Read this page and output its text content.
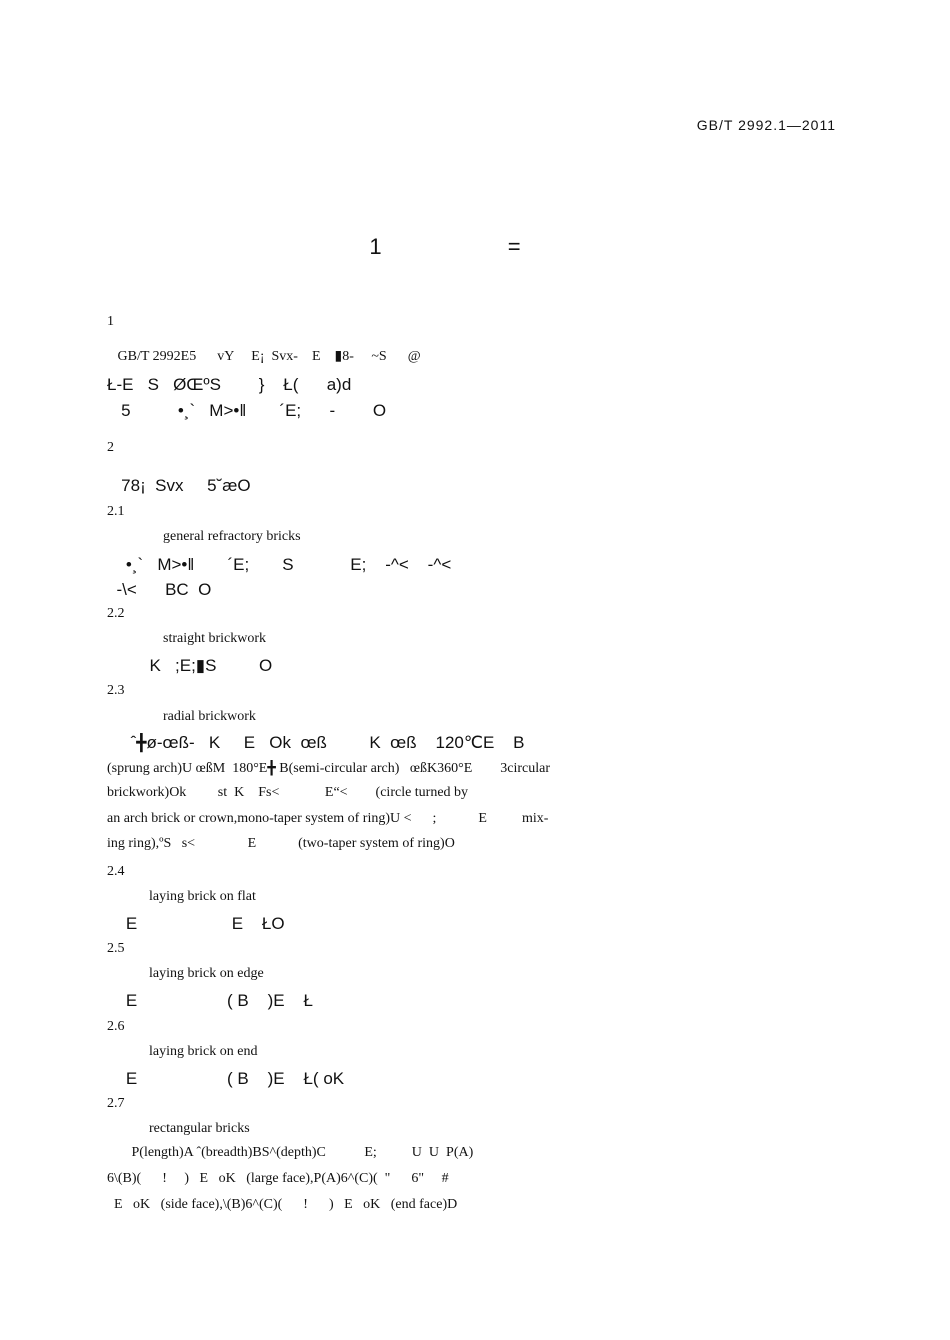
GB/T 2992.1—2011
1 =
1
GB/T 2992E5      vY     E¡  Svx-    E    ▮8-     ~S      @
Ł-E   S   ØŒºS        }    Ł(      a)d
5          •¸`   M>•‖       ´E;      -        O
2
78¡  Svx     5˘æO
2.1
general refractory bricks
•¸`   M>•‖       ´E;       S            E;    -^<    -^<
-\<      BC  O
2.2
straight brickwork
K   ;E;▮S         O
2.3
radial brickwork
ˆ╋ø-œß-   K     E   Ok  œß         K  œß    120℃E    B
(sprung arch)U œßM  180°E╋ B(semi-circular arch)   œßK360°E        3circular
brickwork)Ok         st  K    Fs<             E“<        (circle turned by
an arch brick or crown,mono-taper system of ring)U <      ;            E          mix-
ing ring),ºS   s<               E            (two-taper system of ring)O
2.4
laying brick on flat
E                    E    ŁO
2.5
laying brick on edge
E                   ( B    )E    Ł
2.6
laying brick on end
E                   ( B    )E    Ł( oK
2.7
rectangular bricks
P(length)A ˆ(breadth)BS^(depth)C           E;          U  U  P(A)
6\(B)(      !     )   E   oK   (large face),P(A)6^(C)(  "      6"     #
E   oK   (side face),\(B)6^(C)(      !      )   E   oK   (end face)D
